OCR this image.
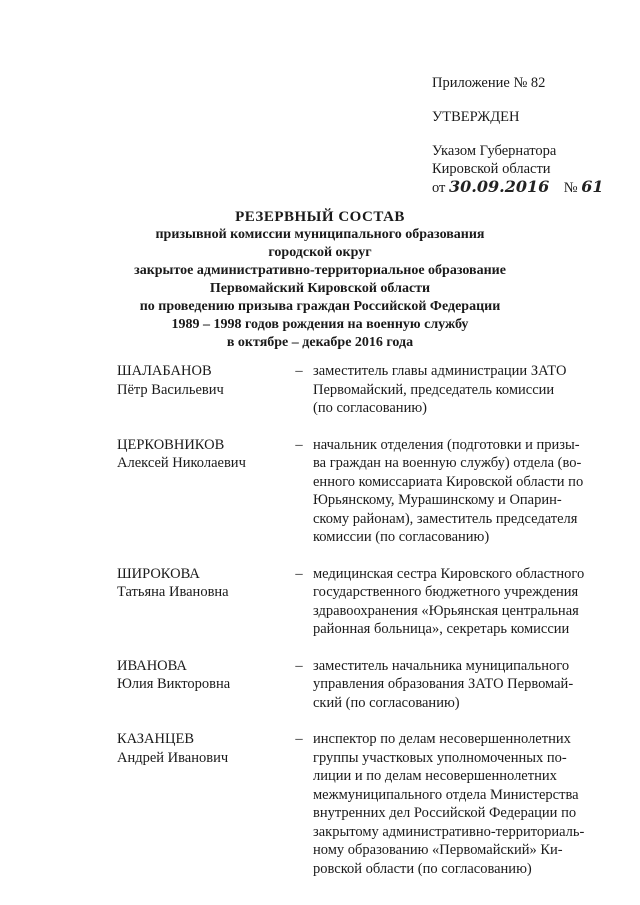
Приложение № 82
УТВЕРЖДЕН
Указом Губернатора
Кировской области
от 30.09.2016 № 61
РЕЗЕРВНЫЙ СОСТАВ
призывной комиссии муниципального образования
городской округ
закрытое административно-территориальное образование
Первомайский Кировской области
по проведению призыва граждан Российской Федерации
1989 – 1998 годов рождения на военную службу
в октябре – декабре 2016 года
ШАЛАБАНОВ
Пётр Васильевич
– заместитель главы администрации ЗАТО
Первомайский, председатель комиссии
(по согласованию)
ЦЕРКОВНИКОВ
Алексей Николаевич
– начальник отделения (подготовки и призы-
ва граждан на военную службу) отдела (во-
енного комиссариата Кировской области по
Юрьянскому, Мурашинскому и Опарин-
скому районам), заместитель председателя
комиссии (по согласованию)
ШИРОКОВА
Татьяна Ивановна
– медицинская сестра Кировского областного
государственного бюджетного учреждения
здравоохранения «Юрьянская центральная
районная больница», секретарь комиссии
ИВАНОВА
Юлия Викторовна
– заместитель начальника муниципального
управления образования ЗАТО Первомай-
ский (по согласованию)
КАЗАНЦЕВ
Андрей Иванович
– инспектор по делам несовершеннолетних
группы участковых уполномоченных по-
лиции и по делам несовершеннолетних
межмуниципального отдела Министерства
внутренних дел Российской Федерации по
закрытому административно-территориаль-
ному образованию «Первомайский» Ки-
ровской области (по согласованию)
